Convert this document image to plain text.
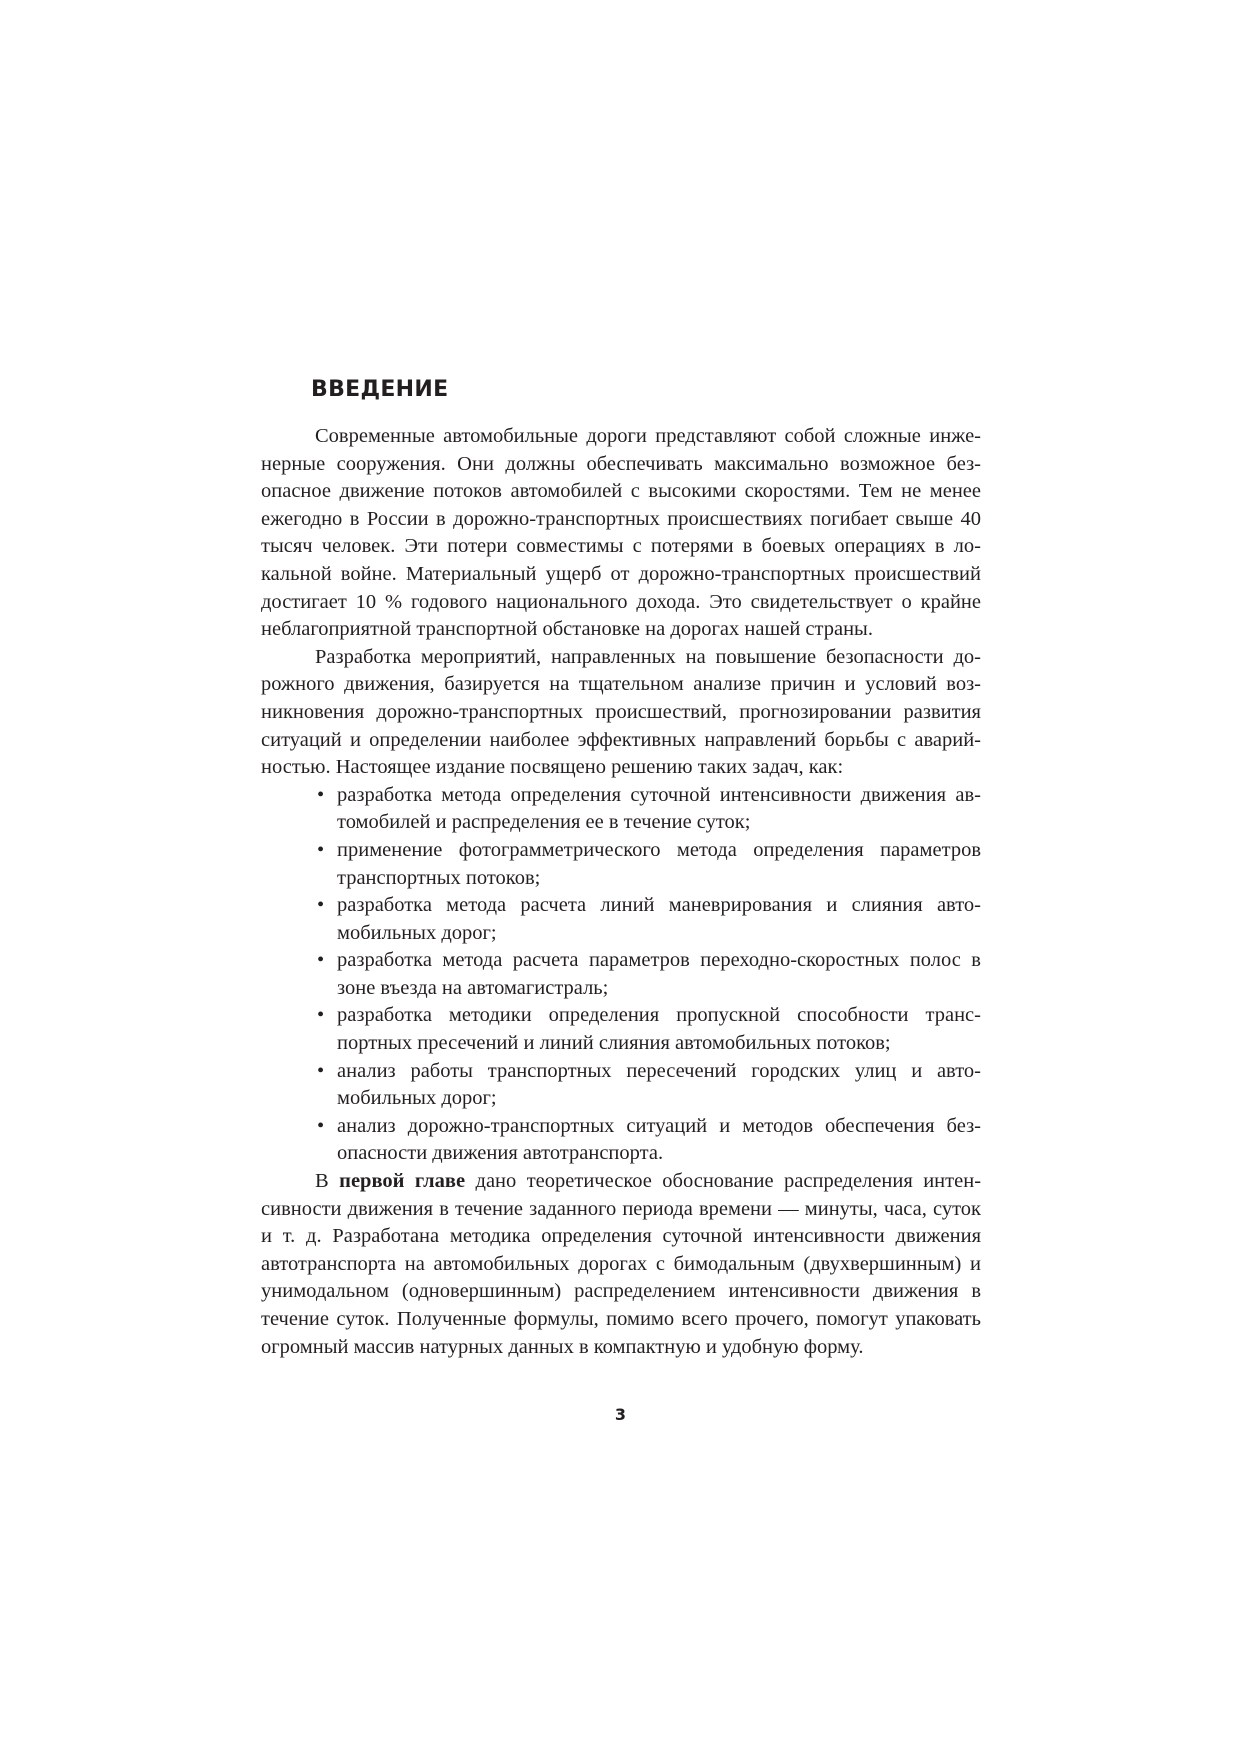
ВВЕДЕНИЕ

Современные автомобильные дороги представляют собой сложные инженерные сооружения. Они должны обеспечивать максимально возможное безопасное движение потоков автомобилей с высокими скоростями. Тем не менее ежегодно в России в дорожно-транспортных происшествиях погибает свыше 40 тысяч человек. Эти потери совместимы с потерями в боевых операциях в локальной войне. Материальный ущерб от дорожно-транспортных происшествий достигает 10 % годового национального дохода. Это свидетельствует о крайне неблагоприятной транспортной обстановке на дорогах нашей страны.

Разработка мероприятий, направленных на повышение безопасности дорожного движения, базируется на тщательном анализе причин и условий возникновения дорожно-транспортных происшествий, прогнозировании развития ситуаций и определении наиболее эффективных направлений борьбы с аварийностью. Настоящее издание посвящено решению таких задач, как:

• разработка метода определения суточной интенсивности движения автомобилей и распределения ее в течение суток;
• применение фотограмметрического метода определения параметров транспортных потоков;
• разработка метода расчета линий маневрирования и слияния автомобильных дорог;
• разработка метода расчета параметров переходно-скоростных полос в зоне въезда на автомагистраль;
• разработка методики определения пропускной способности транспортных пресечений и линий слияния автомобильных потоков;
• анализ работы транспортных пересечений городских улиц и автомобильных дорог;
• анализ дорожно-транспортных ситуаций и методов обеспечения безопасности движения автотранспорта.

В первой главе дано теоретическое обоснование распределения интенсивности движения в течение заданного периода времени — минуты, часа, суток и т. д. Разработана методика определения суточной интенсивности движения автотранспорта на автомобильных дорогах с бимодальным (двухвершинным) и унимодальном (одновершинным) распределением интенсивности движения в течение суток. Полученные формулы, помимо всего прочего, помогут упаковать огромный массив натурных данных в компактную и удобную форму.

3
